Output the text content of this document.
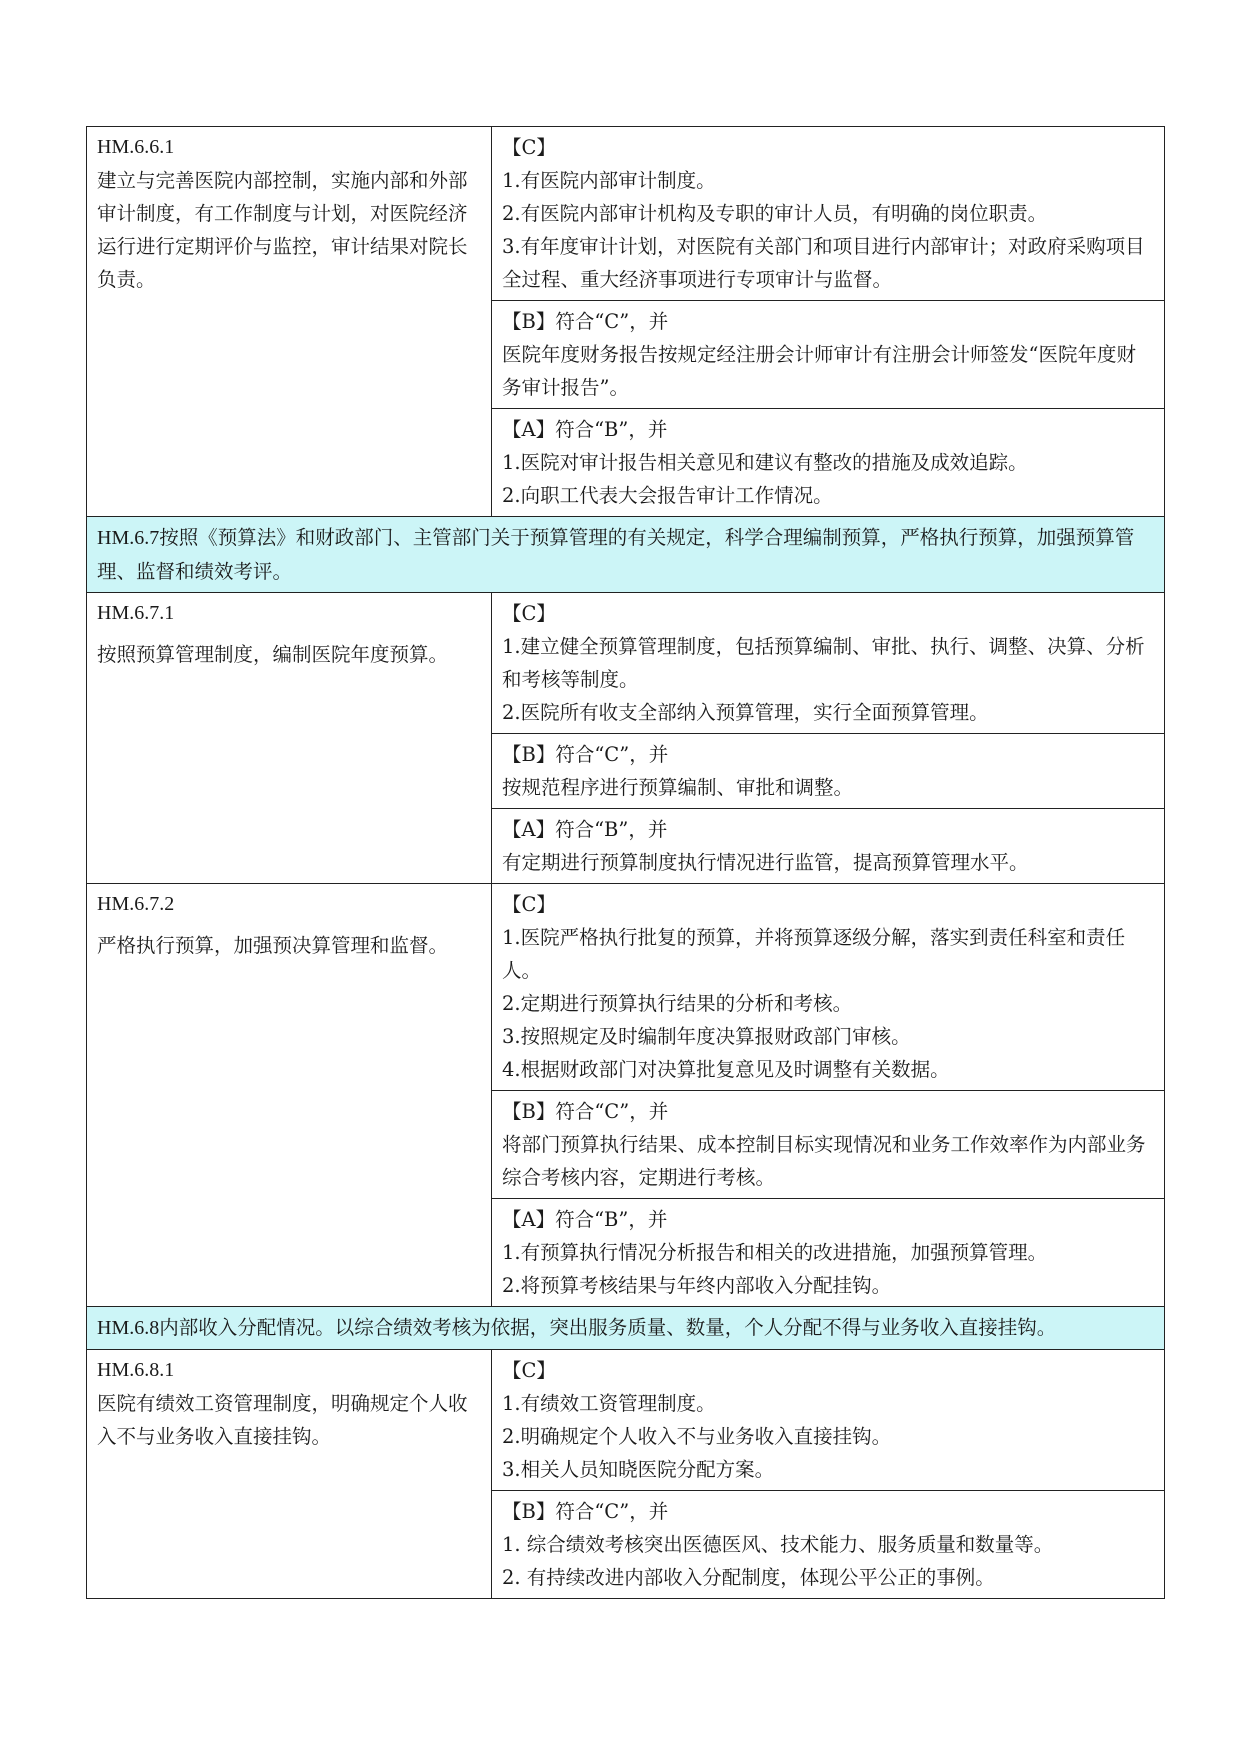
HM.6.6.1
建立与完善医院内部控制，实施内部和外部审计制度，有工作制度与计划，对医院经济运行进行定期评价与监控，审计结果对院长负责。	【C】
1.有医院内部审计制度。
2.有医院内部审计机构及专职的审计人员，有明确的岗位职责。
3.有年度审计计划，对医院有关部门和项目进行内部审计；对政府采购项目全过程、重大经济事项进行专项审计与监督。

	【B】符合“C”，并
医院年度财务报告按规定经注册会计师审计有注册会计师签发“医院年度财务审计报告”。

	【A】符合“B”，并
1.医院对审计报告相关意见和建议有整改的措施及成效追踪。
2.向职工代表大会报告审计工作情况。

HM.6.7按照《预算法》和财政部门、主管部门关于预算管理的有关规定，科学合理编制预算，严格执行预算，加强预算管理、监督和绩效考评。	

HM.6.7.1
按照预算管理制度，编制医院年度预算。	【C】
1.建立健全预算管理制度，包括预算编制、审批、执行、调整、决算、分析和考核等制度。
2.医院所有收支全部纳入预算管理，实行全面预算管理。

	【B】符合“C”，并
按规范程序进行预算编制、审批和调整。

	【A】符合“B”，并
有定期进行预算制度执行情况进行监管，提高预算管理水平。

HM.6.7.2
严格执行预算，加强预决算管理和监督。	【C】
1.医院严格执行批复的预算，并将预算逐级分解，落实到责任科室和责任人。
2.定期进行预算执行结果的分析和考核。
3.按照规定及时编制年度决算报财政部门审核。
4.根据财政部门对决算批复意见及时调整有关数据。

	【B】符合“C”，并
将部门预算执行结果、成本控制目标实现情况和业务工作效率作为内部业务综合考核内容，定期进行考核。

	【A】符合“B”，并
1.有预算执行情况分析报告和相关的改进措施，加强预算管理。
2.将预算考核结果与年终内部收入分配挂钩。

HM.6.8内部收入分配情况。以综合绩效考核为依据，突出服务质量、数量，个人分配不得与业务收入直接挂钩。	

HM.6.8.1
医院有绩效工资管理制度，明确规定个人收入不与业务收入直接挂钩。	【C】
1.有绩效工资管理制度。
2.明确规定个人收入不与业务收入直接挂钩。
3.相关人员知晓医院分配方案。

	【B】符合“C”，并
1. 综合绩效考核突出医德医风、技术能力、服务质量和数量等。
2. 有持续改进内部收入分配制度，体现公平公正的事例。
